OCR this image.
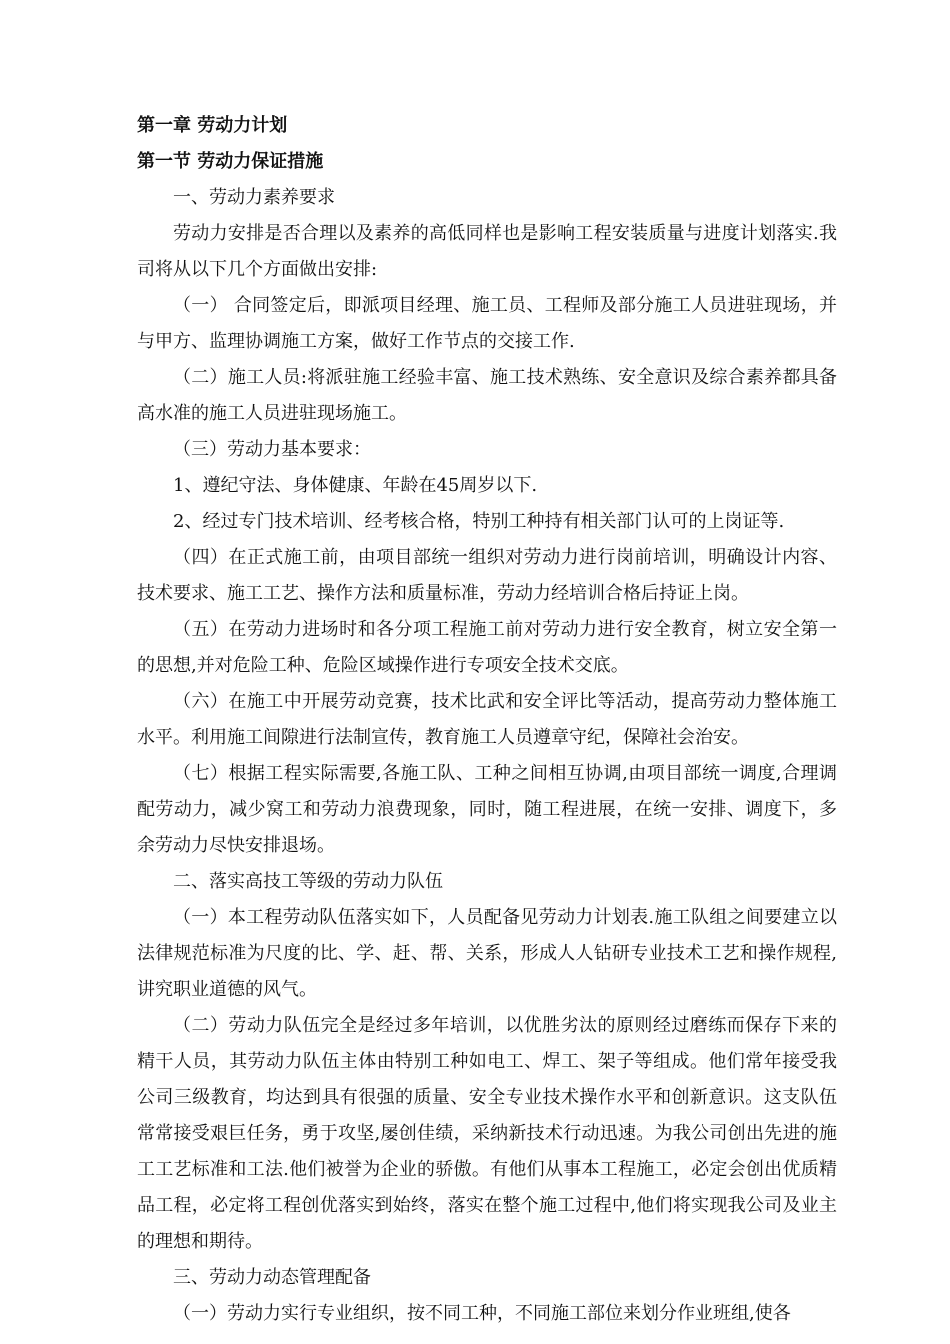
第一章 劳动力计划
第一节 劳动力保证措施
一、劳动力素养要求
劳动力安排是否合理以及素养的高低同样也是影响工程安装质量与进度计划落实.我司将从以下几个方面做出安排:
（一） 合同签定后，即派项目经理、施工员、工程师及部分施工人员进驻现场，并与甲方、监理协调施工方案，做好工作节点的交接工作.
（二）施工人员:将派驻施工经验丰富、施工技术熟练、安全意识及综合素养都具备高水准的施工人员进驻现场施工。
（三）劳动力基本要求：
1、遵纪守法、身体健康、年龄在45周岁以下.
2、经过专门技术培训、经考核合格，特别工种持有相关部门认可的上岗证等.
（四）在正式施工前，由项目部统一组织对劳动力进行岗前培训，明确设计内容、技术要求、施工工艺、操作方法和质量标准，劳动力经培训合格后持证上岗。
（五）在劳动力进场时和各分项工程施工前对劳动力进行安全教育，树立安全第一的思想,并对危险工种、危险区域操作进行专项安全技术交底。
（六）在施工中开展劳动竞赛，技术比武和安全评比等活动，提高劳动力整体施工水平。利用施工间隙进行法制宣传，教育施工人员遵章守纪，保障社会治安。
（七）根据工程实际需要,各施工队、工种之间相互协调,由项目部统一调度,合理调配劳动力，减少窝工和劳动力浪费现象，同时，随工程进展，在统一安排、调度下，多余劳动力尽快安排退场。
二、落实高技工等级的劳动力队伍
（一）本工程劳动队伍落实如下，人员配备见劳动力计划表.施工队组之间要建立以法律规范标准为尺度的比、学、赶、帮、关系，形成人人钻研专业技术工艺和操作规程,讲究职业道德的风气。
（二）劳动力队伍完全是经过多年培训，以优胜劣汰的原则经过磨练而保存下来的精干人员，其劳动力队伍主体由特别工种如电工、焊工、架子等组成。他们常年接受我公司三级教育，均达到具有很强的质量、安全专业技术操作水平和创新意识。这支队伍常常接受艰巨任务，勇于攻坚,屡创佳绩，采纳新技术行动迅速。为我公司创出先进的施工工艺标准和工法.他们被誉为企业的骄傲。有他们从事本工程施工，必定会创出优质精品工程，必定将工程创优落实到始终，落实在整个施工过程中,他们将实现我公司及业主的理想和期待。
三、劳动力动态管理配备
（一）劳动力实行专业组织，按不同工种，不同施工部位来划分作业班组,使各
